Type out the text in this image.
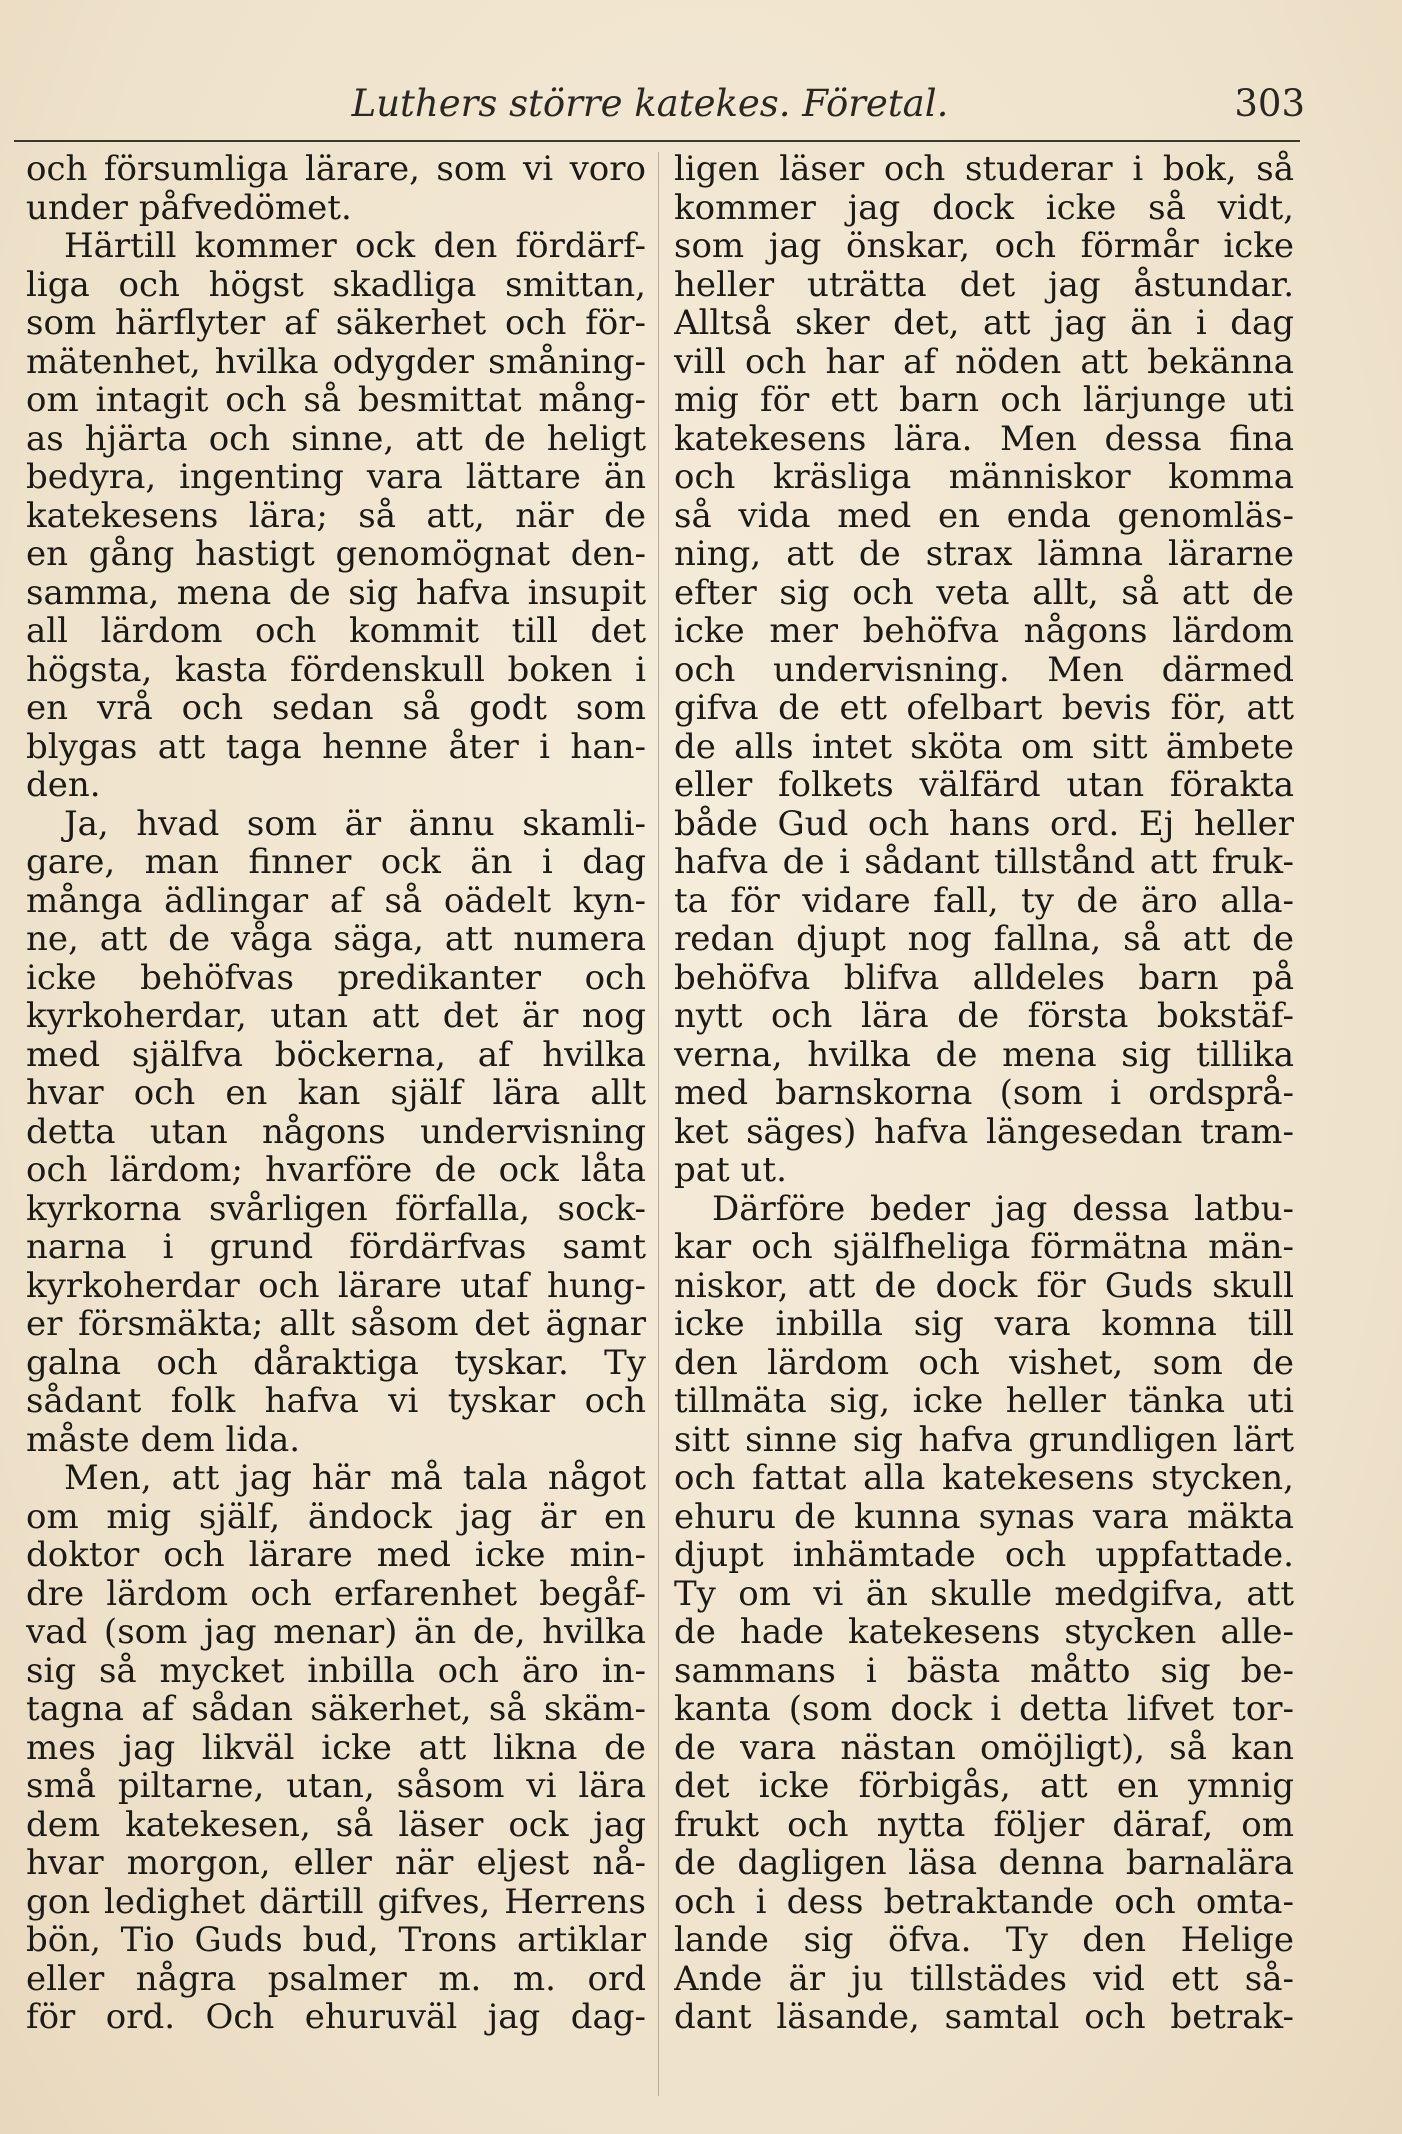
Luthers större katekes. Företal.	303
och försumliga lärare, som vi voro
under påfvedömet.
Härtill kommer ock den fördärf-
liga och högst skadliga smittan,
som härflyter af säkerhet och för-
mätenhet, hvilka odygder småning-
om intagit och så besmittat mång-
as hjärta och sinne, att de heligt
bedyra, ingenting vara lättare än
katekesens lära; så att, när de
en gång hastigt genomögnat den-
samma, mena de sig hafva insupit
all lärdom och kommit till det
högsta, kasta fördenskull boken i
en vrå och sedan så godt som
blygas att taga henne åter i han-
den.
Ja, hvad som är ännu skamli-
gare, man finner ock än i dag
många ädlingar af så oädelt kyn-
ne, att de våga säga, att numera
icke behöfvas predikanter och
kyrkoherdar, utan att det är nog
med själfva böckerna, af hvilka
hvar och en kan själf lära allt
detta utan någons undervisning
och lärdom; hvarföre de ock låta
kyrkorna svårligen förfalla, sock-
narna i grund fördärfvas samt
kyrkoherdar och lärare utaf hung-
er försmäkta; allt såsom det ägnar
galna och dåraktiga tyskar. Ty
sådant folk hafva vi tyskar och
måste dem lida.
Men, att jag här må tala något
om mig själf, ändock jag är en
doktor och lärare med icke min-
dre lärdom och erfarenhet begåf-
vad (som jag menar) än de, hvilka
sig så mycket inbilla och äro in-
tagna af sådan säkerhet, så skäm-
mes jag likväl icke att likna de
små piltarne, utan, såsom vi lära
dem katekesen, så läser ock jag
hvar morgon, eller när eljest nå-
gon ledighet därtill gifves, Herrens
bön, Tio Guds bud, Trons artiklar
eller några psalmer m. m. ord
för ord. Och ehuruväl jag dag-
ligen läser och studerar i bok, så
kommer jag dock icke så vidt,
som jag önskar, och förmår icke
heller uträtta det jag åstundar.
Alltså sker det, att jag än i dag
vill och har af nöden att bekänna
mig för ett barn och lärjunge uti
katekesens lära. Men dessa fina
och kräsliga människor komma
så vida med en enda genomläs-
ning, att de strax lämna lärarne
efter sig och veta allt, så att de
icke mer behöfva någons lärdom
och undervisning. Men därmed
gifva de ett ofelbart bevis för, att
de alls intet sköta om sitt ämbete
eller folkets välfärd utan förakta
både Gud och hans ord. Ej heller
hafva de i sådant tillstånd att fruk-
ta för vidare fall, ty de äro alla-
redan djupt nog fallna, så att de
behöfva blifva alldeles barn på
nytt och lära de första bokstäf-
verna, hvilka de mena sig tillika
med barnskorna (som i ordsprå-
ket säges) hafva längesedan tram-
pat ut.
Därföre beder jag dessa latbu-
kar och själfheliga förmätna män-
niskor, att de dock för Guds skull
icke inbilla sig vara komna till
den lärdom och vishet, som de
tillmäta sig, icke heller tänka uti
sitt sinne sig hafva grundligen lärt
och fattat alla katekesens stycken,
ehuru de kunna synas vara mäkta
djupt inhämtade och uppfattade.
Ty om vi än skulle medgifva, att
de hade katekesens stycken alle-
sammans i bästa måtto sig be-
kanta (som dock i detta lifvet tor-
de vara nästan omöjligt), så kan
det icke förbigås, att en ymnig
frukt och nytta följer däraf, om
de dagligen läsa denna barnalära
och i dess betraktande och omta-
lande sig öfva. Ty den Helige
Ande är ju tillstädes vid ett så-
dant läsande, samtal och betrak-
